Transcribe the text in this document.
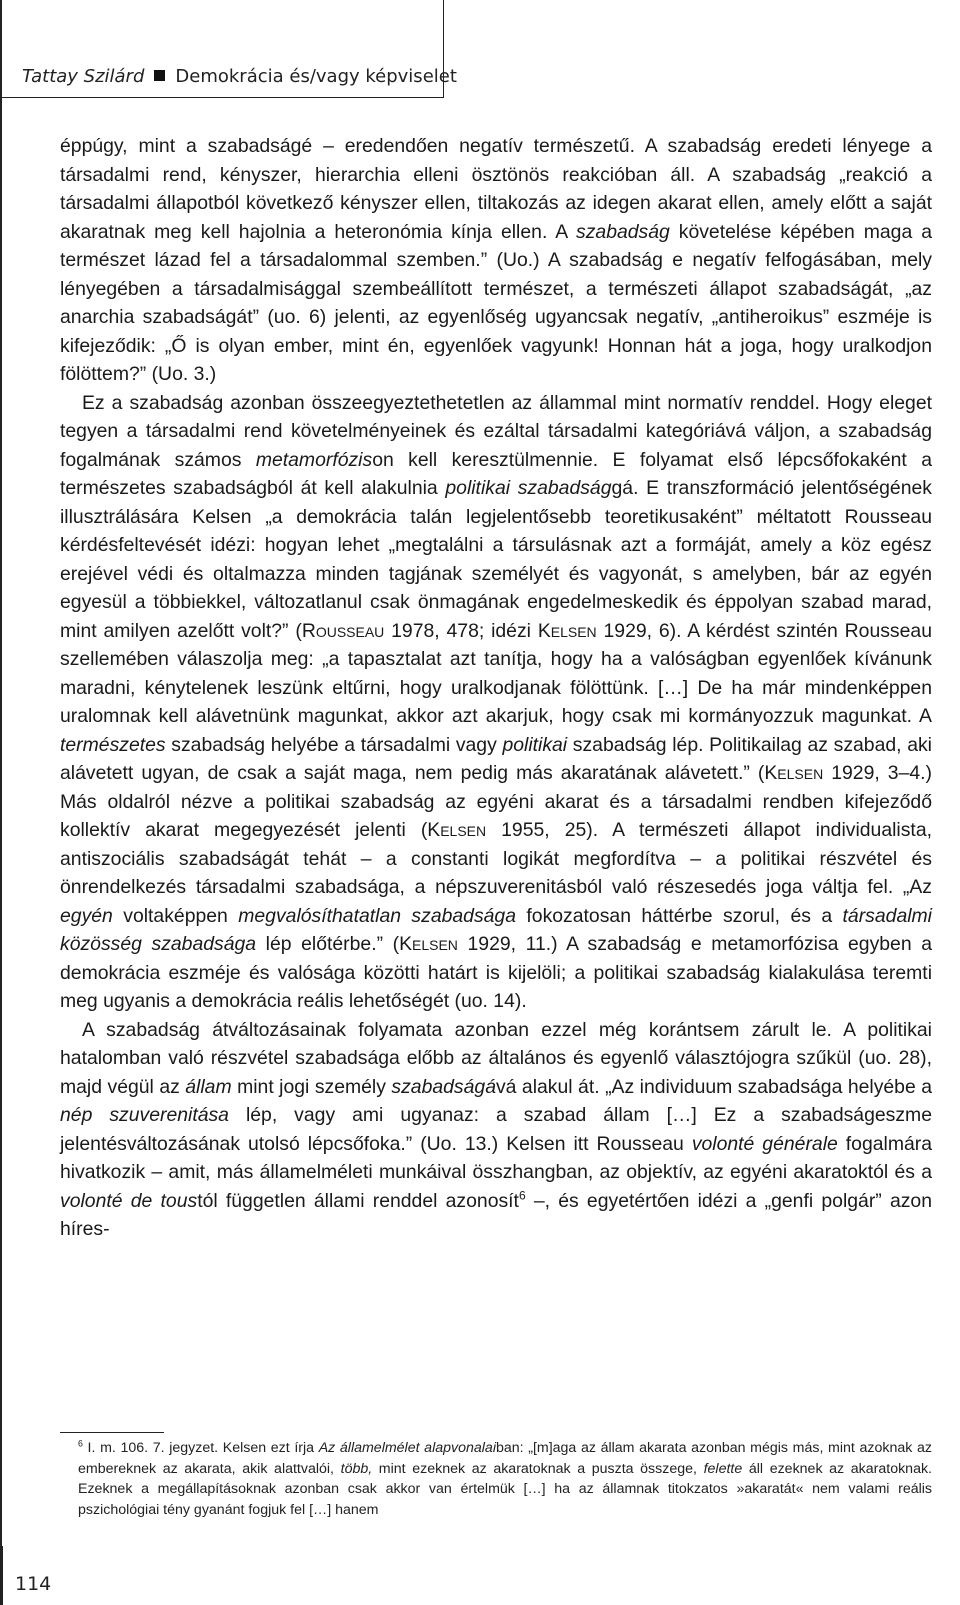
Tattay Szilárd Demokrácia és/vagy képviselet

éppúgy, mint a szabadságé – eredendően negatív természetű. A szabadság eredeti lényege a társadalmi rend, kényszer, hierarchia elleni ösztönös reakcióban áll. A szabadság „reakció a társadalmi állapotból következő kényszer ellen, tiltakozás az idegen akarat ellen, amely előtt a saját akaratnak meg kell hajolnia a heteronómia kínja ellen. A szabadság követelése képében maga a természet lázad fel a társadalommal szemben.” (Uo.) A szabadság e negatív felfogásában, mely lényegében a társadalmisággal szembeállított természet, a természeti állapot szabadságát, „az anarchia szabadságát” (uo. 6) jelenti, az egyenlőség ugyancsak negatív, „antiheroikus” eszméje is kifejeződik: „Ő is olyan ember, mint én, egyenlőek vagyunk! Honnan hát a joga, hogy uralkodjon fölöttem?” (Uo. 3.)

Ez a szabadság azonban összeegyeztethetetlen az állammal mint normatív renddel. Hogy eleget tegyen a társadalmi rend követelményeinek és ezáltal társadalmi kategóriává váljon, a szabadság fogalmának számos metamorfózison kell keresztülmennie. E folyamat első lépcsőfokaként a természetes szabadságból át kell alakulnia politikai szabadsággá. E transzformáció jelentőségének illusztrálására Kelsen „a demokrácia talán legjelentősebb teoretikusaként” méltatott Rousseau kérdésfeltevését idézi: hogyan lehet „megtalálni a társulásnak azt a formáját, amely a köz egész erejével védi és oltalmazza minden tagjának személyét és vagyonát, s amelyben, bár az egyén egyesül a többiekkel, változatlanul csak önmagának engedelmeskedik és éppolyan szabad marad, mint amilyen azelőtt volt?” (Rousseau 1978, 478; idézi Kelsen 1929, 6). A kérdést szintén Rousseau szellemében válaszolja meg: „a tapasztalat azt tanítja, hogy ha a valóságban egyenlőek kívánunk maradni, kénytelenek leszünk eltűrni, hogy uralkodjanak fölöttünk. […] De ha már mindenképpen uralomnak kell alávetnünk magunkat, akkor azt akarjuk, hogy csak mi kormányozzuk magunkat. A természetes szabadság helyébe a társadalmi vagy politikai szabadság lép. Politikailag az szabad, aki alávetett ugyan, de csak a saját maga, nem pedig más akaratának alávetett.” (Kelsen 1929, 3–4.) Más oldalról nézve a politikai szabadság az egyéni akarat és a társadalmi rendben kifejeződő kollektív akarat megegyezését jelenti (Kelsen 1955, 25). A természeti állapot individualista, antiszociális szabadságát tehát – a constanti logikát megfordítva – a politikai részvétel és önrendelkezés társadalmi szabadsága, a népszuverenitásból való részesedés joga váltja fel. „Az egyén voltaképpen megvalósíthatatlan szabadsága fokozatosan háttérbe szorul, és a társadalmi közösség szabadsága lép előtérbe.” (Kelsen 1929, 11.) A szabadság e metamorfózisa egyben a demokrácia eszméje és valósága közötti határt is kijelöli; a politikai szabadság kialakulása teremti meg ugyanis a demokrácia reális lehetőségét (uo. 14).

A szabadság átváltozásainak folyamata azonban ezzel még korántsem zárult le. A politikai hatalomban való részvétel szabadsága előbb az általános és egyenlő választójogra szűkül (uo. 28), majd végül az állam mint jogi személy szabadságává alakul át. „Az individuum szabadsága helyébe a nép szuverenitása lép, vagy ami ugyanaz: a szabad állam […] Ez a szabadságeszme jelentésváltozásának utolsó lépcsőfoka.” (Uo. 13.) Kelsen itt Rousseau volonté générale fogalmára hivatkozik – amit, más államelméleti munkáival összhangban, az objektív, az egyéni akaratoktól és a volonté de toustól független állami renddel azonosít$^6$ –, és egyetértően idézi a „genfi polgár” azon híres-

$^6$ I. m. 106. 7. jegyzet. Kelsen ezt írja Az államelmélet alapvonalaiban: „[m]aga az állam akarata azonban mégis más, mint azoknak az embereknek az akarata, akik alattvalói, több, mint ezeknek az akaratoknak a puszta összege, felette áll ezeknek az akaratoknak. Ezeknek a megállapításoknak azonban csak akkor van értelmük […] ha az államnak titokzatos »akaratát« nem valami reális pszichológiai tény gyanánt fogjuk fel […] hanem
114
